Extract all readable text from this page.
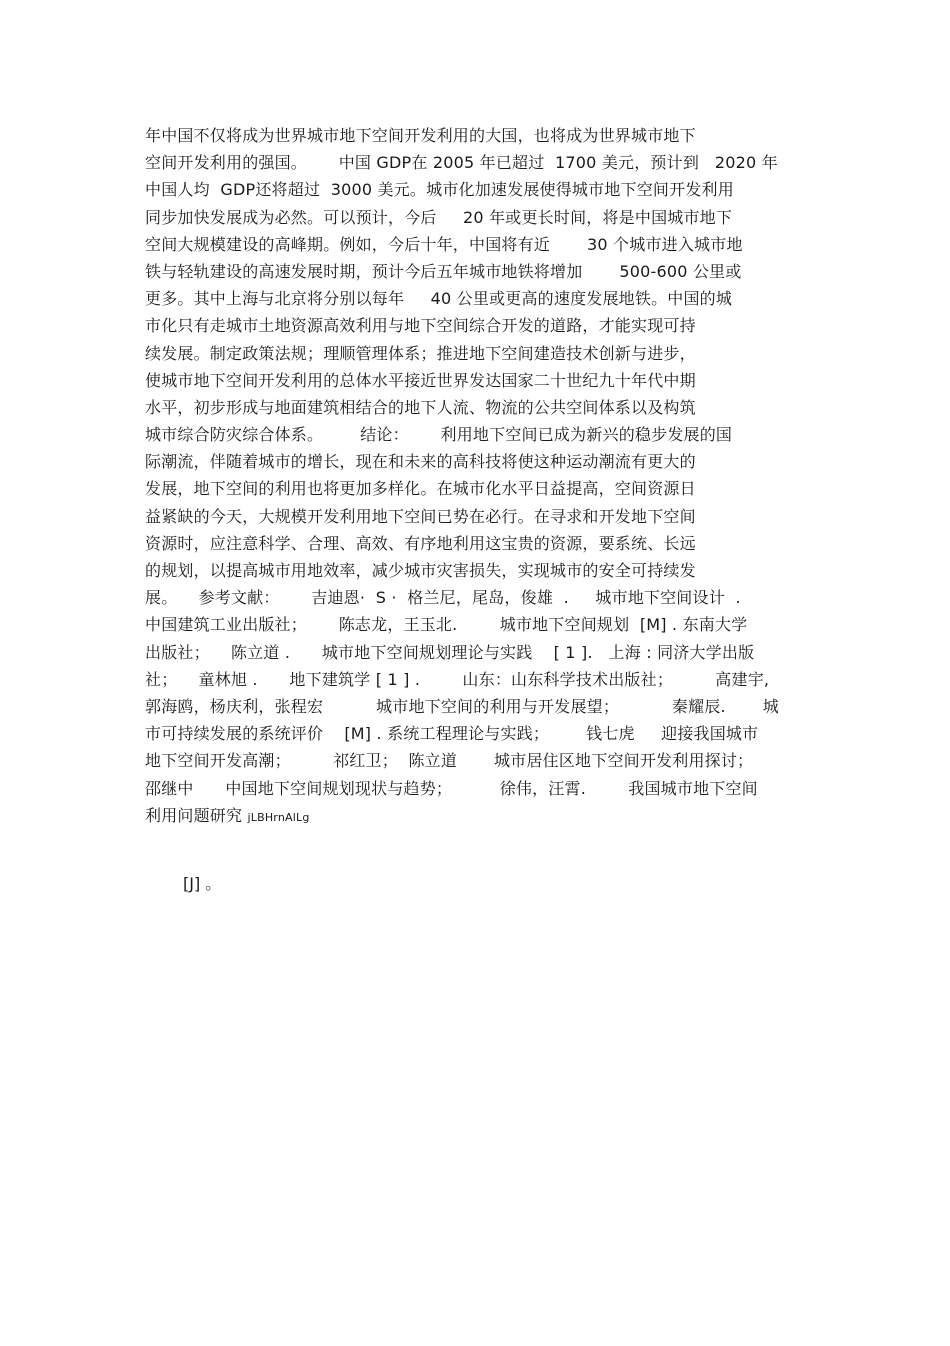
年中国不仅将成为世界城市地下空间开发利用的大国，也将成为世界城市地下
空间开发利用的强国。      中国 GDP在 2005 年已超过  1700 美元，预计到   2020 年
中国人均  GDP还将超过  3000 美元。城市化加速发展使得城市地下空间开发利用
同步加快发展成为必然。可以预计，今后     20 年或更长时间，将是中国城市地下
空间大规模建设的高峰期。例如，今后十年，中国将有近       30 个城市进入城市地
铁与轻轨建设的高速发展时期，预计今后五年城市地铁将增加       500-600 公里或
更多。其中上海与北京将分别以每年     40 公里或更高的速度发展地铁。中国的城
市化只有走城市土地资源高效利用与地下空间综合开发的道路，才能实现可持
续发展。制定政策法规；理顺管理体系；推进地下空间建造技术创新与进步，
使城市地下空间开发利用的总体水平接近世界发达国家二十世纪九十年代中期
水平，初步形成与地面建筑相结合的地下人流、物流的公共空间体系以及构筑
城市综合防灾综合体系。       结论：      利用地下空间已成为新兴的稳步发展的国
际潮流，伴随着城市的增长，现在和未来的高科技将使这种运动潮流有更大的
发展，地下空间的利用也将更加多样化。在城市化水平日益提高，空间资源日
益紧缺的今天，大规模开发利用地下空间已势在必行。在寻求和开发地下空间
资源时，应注意科学、合理、高效、有序地利用这宝贵的资源，要系统、长远
的规划，以提高城市用地效率，减少城市灾害损失，实现城市的安全可持续发
展。    参考文献：      吉迪恩·  S ·  格兰尼，尾岛，俊雄  .     城市地下空间设计  .
中国建筑工业出版社；      陈志龙，王玉北.        城市地下空间规划  [M] . 东南大学
出版社；    陈立道 .      城市地下空间规划理论与实践    [ 1 ].   上海 : 同济大学出版
社；    童林旭 .      地下建筑学 [ 1 ] .        山东：山东科学技术出版社；        高建宇,
郭海鸥，杨庆利，张程宏          城市地下空间的利用与开发展望；          秦耀辰.       城
市可持续发展的系统评价    [M] . 系统工程理论与实践；       钱七虎     迎接我国城市
地下空间开发高潮；        祁红卫；  陈立道       城市居住区地下空间开发利用探讨；
邵继中      中国地下空间规划现状与趋势；         徐伟，汪霄.        我国城市地下空间
利用问题研究 jLBHrnAlLg
[J] 。
